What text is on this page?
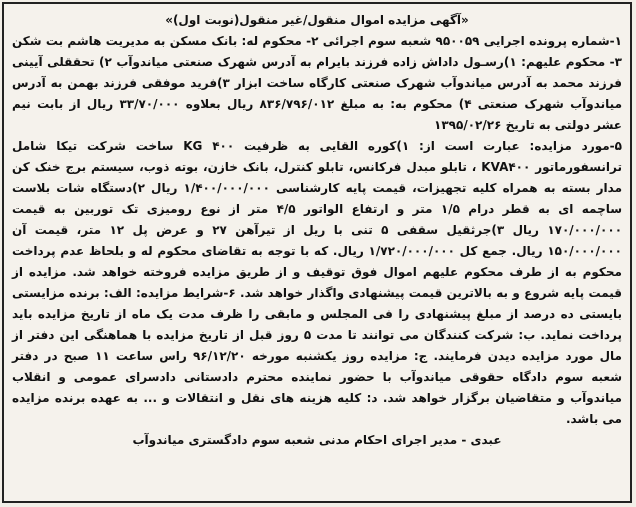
«آگهی مزایده اموال منقول/غیر منقول(نوبت اول)»
۱-شماره پرونده اجرایی ۹۵۰۰۵۹ شعبه سوم اجرائی ۲- محکوم له: بانک مسکن به مدیریت هاشم بت شکن ۳- محکوم علیهم: ۱)رسـول داداش زاده فرزند بایرام به آدرس شهرک صنعتی میاندوآب ۲) تحققلی آیینی فرزند محمد به آدرس میاندوآب شهرک صنعتی کارگاه ساخت ابزار ۳)فرید موفقی فرزند بهمن به آدرس میاندوآب شهرک صنعتی ۴) محکوم به: به مبلغ ۸۳۶/۷۹۶/۰۱۲ ریال بعلاوه ۳۳/۷۰/۰۰۰ ریال از بابت نیم عشر دولتی به تاریخ ۱۳۹۵/۰۲/۲۶
۵-مورد مزایده: عبارت است از: ۱)کوره القایی به ظرفیت KG ۴۰۰ ساخت شرکت تیکا شامل ترانسفورماتور KVA۴۰۰ ، تابلو مبدل فرکانس، تابلو کنترل، بانک خازن، بوته ذوب، سیستم برج خنک کن مدار بسته به همراه کلیه تجهیزات، قیمت پایه کارشناسی ۱/۴۰۰/۰۰۰/۰۰۰ ریال ۲)دستگاه شات بلاست ساچمه ای به قطر درام ۱/۵ متر و ارتفاع الواتور ۴/۵ متر از نوع رومیزی تک توربین به قیمت ۱۷۰/۰۰۰/۰۰۰ ریال ۳)جرثقیل سقفی ۵ تنی با ریل از تیرآهن ۲۷ و عرض پل ۱۲ متر، قیمت آن ۱۵۰/۰۰۰/۰۰۰ ریال. جمع کل ۱/۷۲۰/۰۰۰/۰۰۰ ریال. که با توجه به تقاضای محکوم له و بلحاظ عدم پرداخت محکوم به از طرف محکوم علیهم اموال فوق توقیف و از طریق مزایده فروخته خواهد شد. مزایده از قیمت پایه شروع و به بالاترین قیمت پیشنهادی واگذار خواهد شد. ۶-شرایط مزایده: الف: برنده مزایستی بایستی ده درصد از مبلغ پیشنهادی را فی المجلس و مابقی را ظرف مدت یک ماه از تاریخ مزایده باید پرداخت نماید. ب: شرکت کنندگان می توانند تا مدت ۵ روز قبل از تاریخ مزایده با هماهنگی این دفتر از مال مورد مزایده دیدن فرمایند. ج: مزایده روز یکشنبه مورخه ۹۶/۱۲/۲۰ راس ساعت ۱۱ صبح در دفتر شعبه سوم دادگاه حقوقی میاندوآب با حضور نماینده محترم دادستانی دادسرای عمومی و انقلاب میاندوآب و متقاضیان برگزار خواهد شد. د: کلیه هزینه های نقل و انتقالات و ... به عهده برنده مزایده می باشد.
عبدی - مدیر اجرای احکام مدنی شعبه سوم دادگستری میاندوآب
